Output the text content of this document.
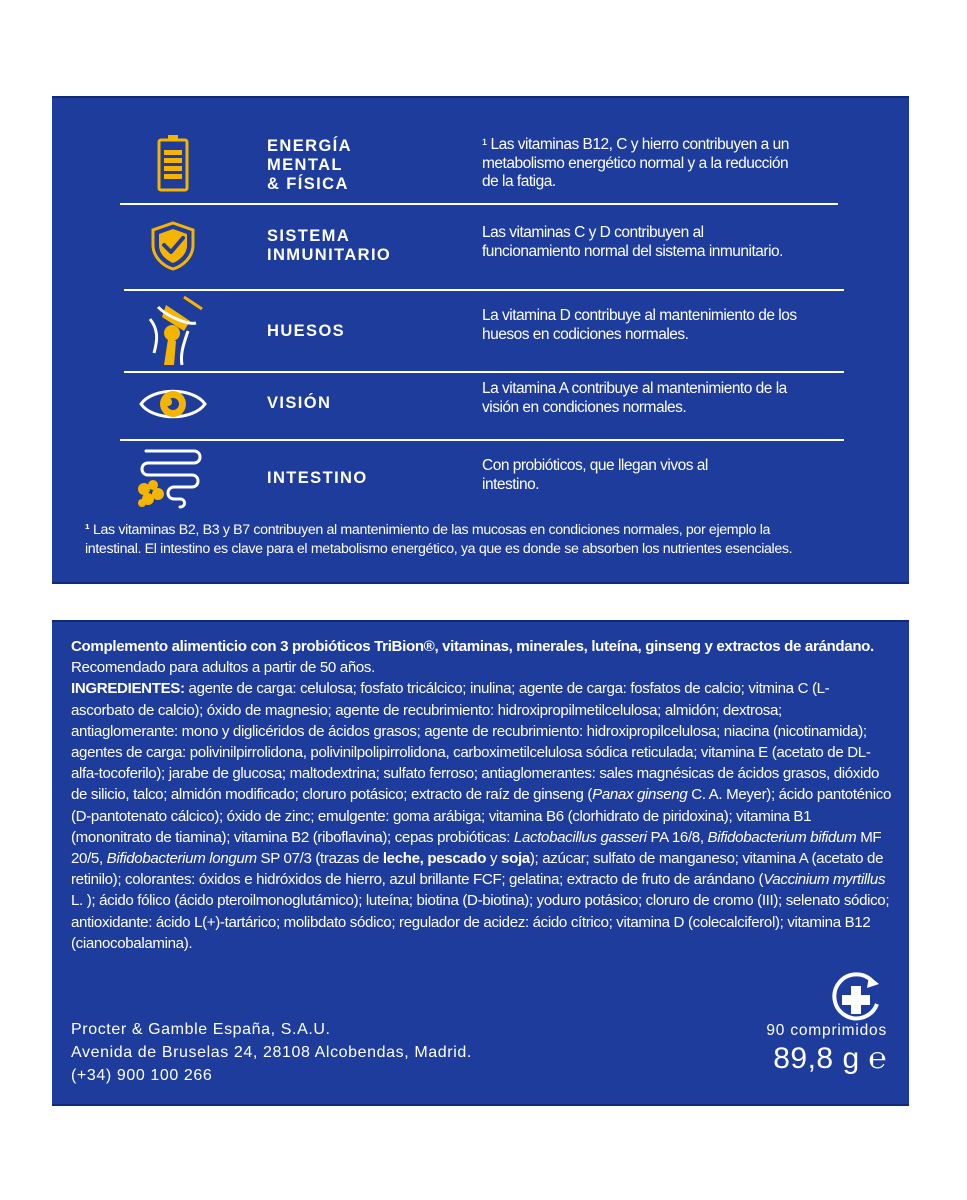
ENERGÍA
MENTAL
& FÍSICA
¹ Las vitaminas B12, C y hierro contribuyen a un
metabolismo energético normal y a la reducción
de la fatiga.
SISTEMA
INMUNITARIO
Las vitaminas C y D contribuyen al
funcionamiento normal del sistema inmunitario.
HUESOS
La vitamina D contribuye al mantenimiento de los
huesos en codiciones normales.
VISIÓN
La vitamina A contribuye al mantenimiento de la
visión en condiciones normales.
INTESTINO
Con probióticos, que llegan vivos al
intestino.
¹ Las vitaminas B2, B3 y B7 contribuyen al mantenimiento de las mucosas en condiciones normales, por ejemplo la
intestinal. El intestino es clave para el metabolismo energético, ya que es donde se absorben los nutrientes esenciales.
Complemento alimenticio con 3 probióticos TriBion®, vitaminas, minerales, luteína, ginseng y extractos de arándano. Recomendado para adultos a partir de 50 años.
INGREDIENTES: agente de carga: celulosa; fosfato tricálcico; inulina; agente de carga: fosfatos de calcio; vitmina C (L-ascorbato de calcio); óxido de magnesio; agente de recubrimiento: hidroxipropilmetilcelulosa; almidón; dextrosa; antiaglomerante: mono y diglicéridos de ácidos grasos; agente de recubrimiento: hidroxipropilcelulosa; niacina (nicotinamida); agentes de carga: polivinilpirrolidona, polivinilpolipirrolidona, carboximetilcelulosa sódica reticulada; vitamina E (acetato de DL-alfa-tocoferilo); jarabe de glucosa; maltodextrina; sulfato ferroso; antiaglomerantes: sales magnésicas de ácidos grasos, dióxido de silicio, talco; almidón modificado; cloruro potásico; extracto de raíz de ginseng (Panax ginseng C. A. Meyer); ácido pantoténico (D-pantotenato cálcico); óxido de zinc; emulgente: goma arábiga; vitamina B6 (clorhidrato de piridoxina); vitamina B1 (mononitrato de tiamina); vitamina B2 (riboflavina); cepas probióticas: Lactobacillus gasseri PA 16/8, Bifidobacterium bifidum MF 20/5, Bifidobacterium longum SP 07/3 (trazas de leche, pescado y soja); azúcar; sulfato de manganeso; vitamina A (acetato de retinilo); colorantes: óxidos e hidróxidos de hierro, azul brillante FCF; gelatina; extracto de fruto de arándano (Vaccinium myrtillus L. ); ácido fólico (ácido pteroilmonoglutámico); luteína; biotina (D-biotina); yoduro potásico; cloruro de cromo (III); selenato sódico; antioxidante: ácido L(+)-tartárico; molibdato sódico; regulador de acidez: ácido cítrico; vitamina D (colecalciferol); vitamina B12 (cianocobalamina).
Procter & Gamble España, S.A.U.
Avenida de Bruselas 24, 28108 Alcobendas, Madrid.
(+34) 900 100 266
90 comprimidos
89,8 g ℮
